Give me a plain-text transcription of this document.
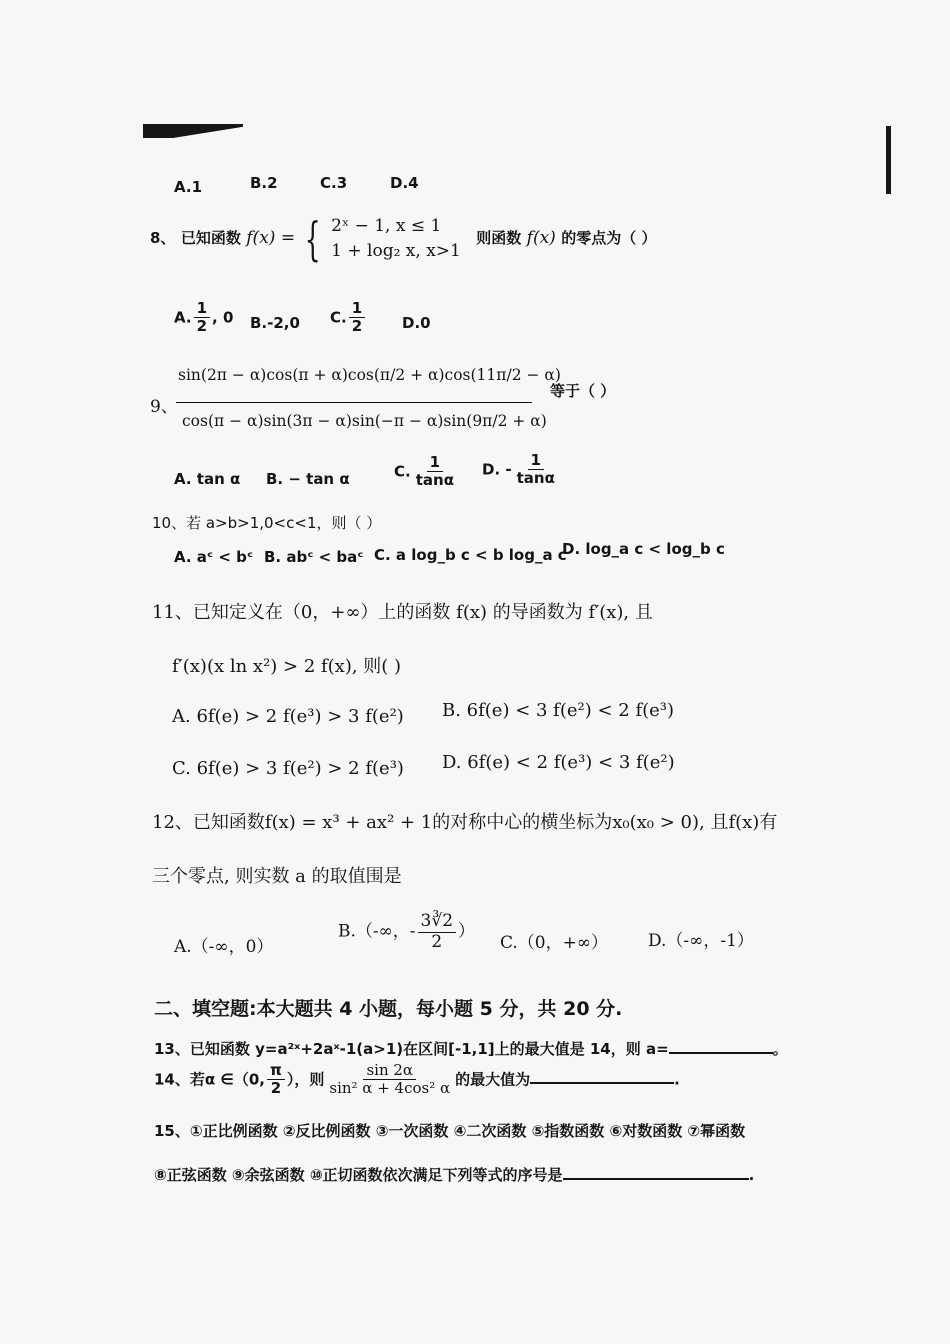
A.1	B.2	C.3	D.4
8、 已知函数 f(x) = { 2ˣ − 1, x ≤ 1
1 + log₂ x, x>1
则函数 f(x) 的零点为（ ）
A. $\frac{1}{2}$ , 0 B.-2,0 C. $\frac{1}{2} D.0$
9、
sin(2π − α)cos(π + α)cos(π/2 + α)cos(11π/2 − α)
cos(π − α)sin(3π − α)sin(−π − α)sin(9π/2 + α)
等于（ ）
A. tan α B. − tan α	C. $\frac{1}{\tan\alpha} D$. - $\frac{1}{\tan\alpha}$
10、若 a>b>1,0<c<1，则（ ）
A. aᶜ < bᶜ B. abᶜ < baᶜ C. a log_b c < b log_a c
D. log_a c < log_b c
11、已知定义在（0，+∞）上的函数 f(x) 的导函数为 f′(x), 且
f′(x)(x ln x²) > 2 f(x), 则( )
A. 6f(e) > 2 f(e³) > 3 f(e²) B. 6f(e) < 3 f(e²) < 2 f(e³)
C. 6f(e) > 3 f(e²) > 2 f(e³) D. 6f(e) < 2 f(e³) < 3 f(e²)
12、已知函数f(x) = x³ + ax² + 1的对称中心的横坐标为x₀(x₀ > 0), 且f(x)有
三个零点, 则实数 a 的取值围是
A.（-∞，0）
B.（-∞，- $\frac{3∛2}{2}$ ）
C.（0，+∞） D.（-∞，-1）
二、填空题:本大题共 4 小题，每小题 5 分，共 20 分.
13、已知函数 y=a²ˣ+2aˣ-1(a>1)在区间[-1,1]上的最大值是 14，则 a=	。
14、若α ∈（0, $\frac{\pi}{2}$ ），则 $\frac{\sin 2\alpha}{\text{sin² α + 4cos² α}}$ 的最大值为	.
15、①正比例函数 ②反比例函数 ③一次函数 ④二次函数 ⑤指数函数 ⑥对数函数 ⑦幂函数
⑧正弦函数 ⑨余弦函数 ⑩正切函数依次满足下列等式的序号是	.
